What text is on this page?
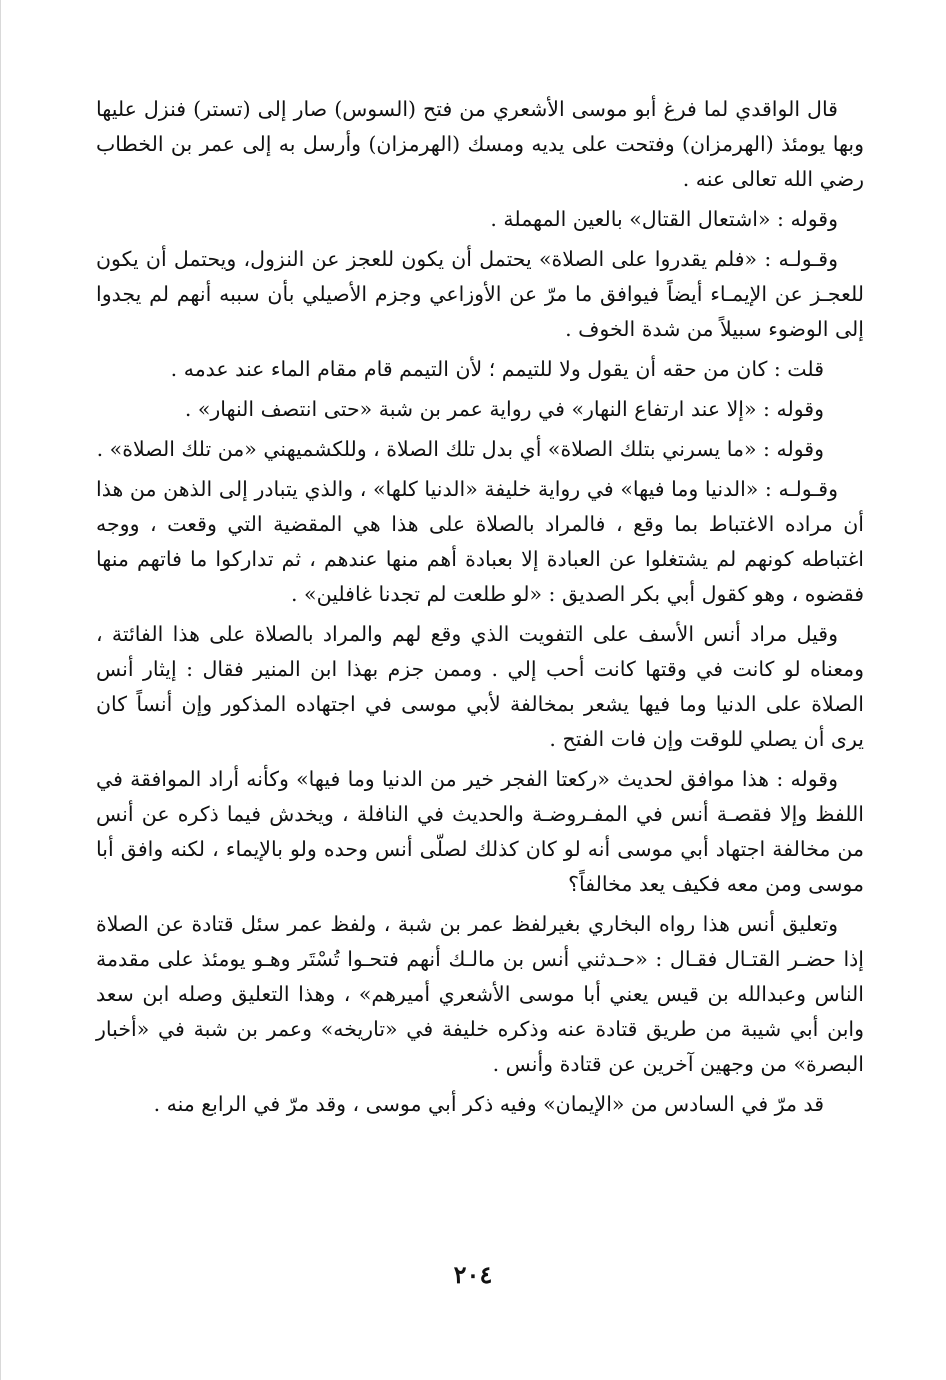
قال الواقدي لما فرغ أبو موسى الأشعري من فتح (السوس) صار إلى (تستر) فنزل عليها وبها يومئذ (الهرمزان) وفتحت على يديه ومسك (الهرمزان) وأرسل به إلى عمر بن الخطاب رضي الله تعالى عنه .

وقوله : «اشتعال القتال» بالعين المهملة .

وقـولـه : «فلم يقدروا على الصلاة» يحتمل أن يكون للعجز عن النزول، ويحتمل أن يكون للعجـز عن الإيمـاء أيضاً فيوافق ما مرّ عن الأوزاعي وجزم الأصيلي بأن سببه أنهم لم يجدوا إلى الوضوء سبيلاً من شدة الخوف .

قلت : كان من حقه أن يقول ولا للتيمم ؛ لأن التيمم قام مقام الماء عند عدمه .

وقوله : «إلا عند ارتفاع النهار» في رواية عمر بن شبة «حتى انتصف النهار» .

وقوله : «ما يسرني بتلك الصلاة» أي بدل تلك الصلاة ، وللكشميهني «من تلك الصلاة» .

وقـولـه : «الدنيا وما فيها» في رواية خليفة «الدنيا كلها» ، والذي يتبادر إلى الذهن من هذا أن مراده الاغتباط بما وقع ، فالمراد بالصلاة على هذا هي المقضية التي وقعت ، ووجه اغتباطه كونهم لم يشتغلوا عن العبادة إلا بعبادة أهم منها عندهم ، ثم تداركوا ما فاتهم منها فقضوه ، وهو كقول أبي بكر الصديق : «لو طلعت لم تجدنا غافلين» .

وقيل مراد أنس الأسف على التفويت الذي وقع لهم والمراد بالصلاة على هذا الفائتة ، ومعناه لو كانت في وقتها كانت أحب إلي . وممن جزم بهذا ابن المنير فقال : إيثار أنس الصلاة على الدنيا وما فيها يشعر بمخالفة لأبي موسى في اجتهاده المذكور وإن أنساً كان يرى أن يصلي للوقت وإن فات الفتح .

وقوله : هذا موافق لحديث «ركعتا الفجر خير من الدنيا وما فيها» وكأنه أراد الموافقة في اللفظ وإلا فقصـة أنس في المفـروضـة والحديث في النافلة ، ويخدش فيما ذكره عن أنس من مخالفة اجتهاد أبي موسى أنه لو كان كذلك لصلّى أنس وحده ولو بالإيماء ، لكنه وافق أبا موسى ومن معه فكيف يعد مخالفاً؟

وتعليق أنس هذا رواه البخاري بغيرلفظ عمر بن شبة ، ولفظ عمر سئل قتادة عن الصلاة إذا حضـر القتـال فقـال : «حـدثني أنس بن مالـك أنهم فتحـوا تُسْتَر وهـو يومئذ على مقدمة الناس وعبدالله بن قيس يعني أبا موسى الأشعري أميرهم» ، وهذا التعليق وصله ابن سعد وابن أبي شيبة من طريق قتادة عنه وذكره خليفة في «تاريخه» وعمر بن شبة في «أخبار البصرة» من وجهين آخرين عن قتادة وأنس .

قد مرّ في السادس من «الإيمان» وفيه ذكر أبي موسى ، وقد مرّ في الرابع منه .

٢٠٤
